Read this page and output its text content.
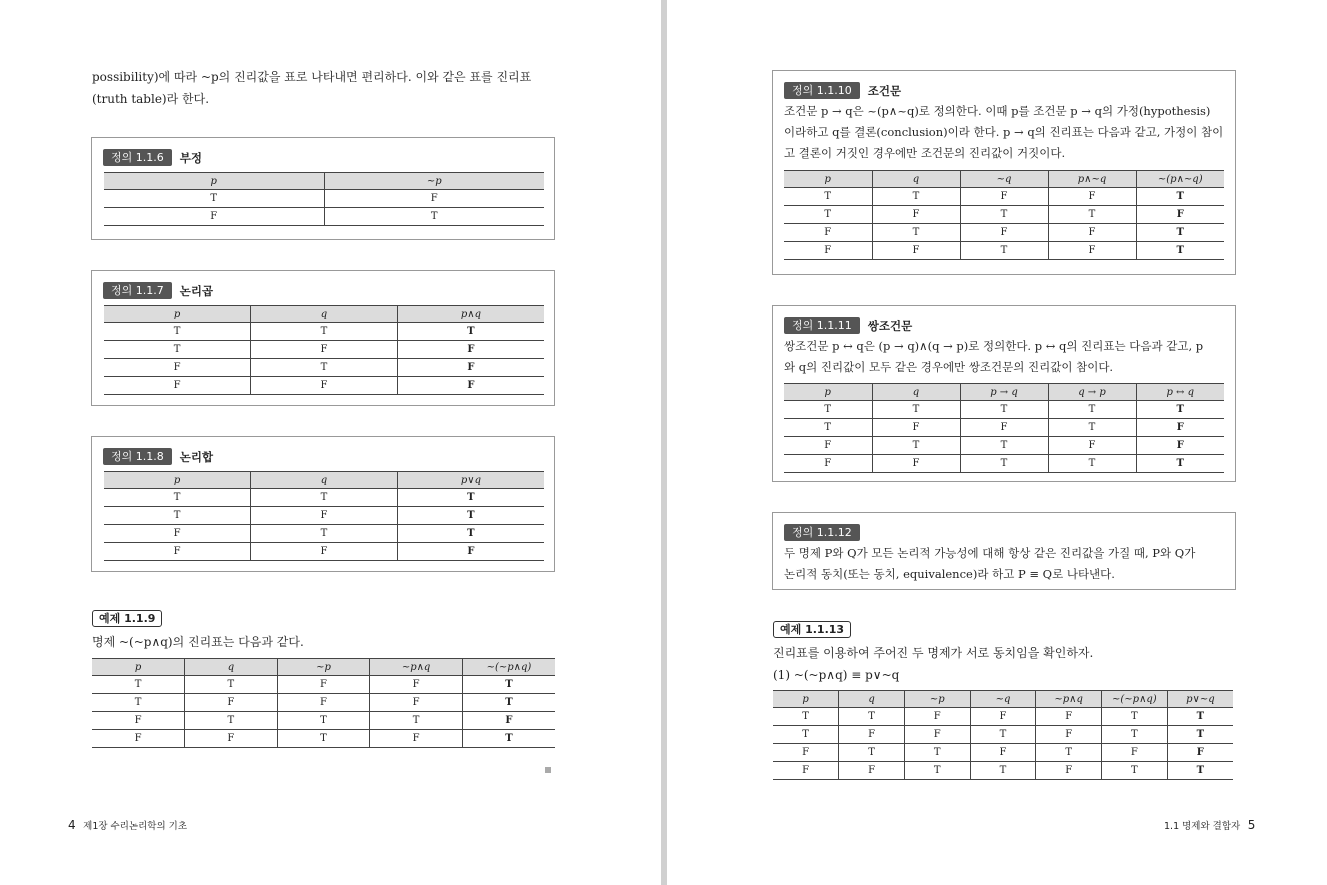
possibility)에 따라 ~p의 진리값을 표로 나타내면 편리하다. 이와 같은 표를 진리표

(truth table)라 한다.

정의 1.1.6 부정
p	~p
T	F
F	T
정의 1.1.7 논리곱
p	q	p∧q
T	T	T
T	F	F
F	T	F
F	F	F
정의 1.1.8 논리합
p	q	p∨q
T	T	T
T	F	T
F	T	T
F	F	F
예제 1.1.9

명제 ~(~p∧q)의 진리표는 다음과 같다.

p	q	~p	~p∧q	~(~p∧q)
T	T	F	F	T
T	F	F	F	T
F	T	T	T	F
F	F	T	F	T
4 제1장 수리논리학의 기초
정의 1.1.10 조건문
조건문 p → q은 ~(p∧~q)로 정의한다. 이때 p를 조건문 p → q의 가정(hypothesis)
이라하고 q를 결론(conclusion)이라 한다. p → q의 진리표는 다음과 같고, 가정이 참이
고 결론이 거짓인 경우에만 조건문의 진리값이 거짓이다.
p	q	~q	p∧~q	~(p∧~q)
T	T	F	F	T
T	F	T	T	F
F	T	F	F	T
F	F	T	F	T
정의 1.1.11 쌍조건문
쌍조건문 p ↔ q은 (p → q)∧(q → p)로 정의한다. p ↔ q의 진리표는 다음과 같고, p
와 q의 진리값이 모두 같은 경우에만 쌍조건문의 진리값이 참이다.
p	q	p → q	q → p	p ↔ q
T	T	T	T	T
T	F	F	T	F
F	T	T	F	F
F	F	T	T	T
정의 1.1.12
두 명제 P와 Q가 모든 논리적 가능성에 대해 항상 같은 진리값을 가질 때, P와 Q가
논리적 동치(또는 동치, equivalence)라 하고 P ≡ Q로 나타낸다.
예제 1.1.13

진리표를 이용하여 주어진 두 명제가 서로 동치임을 확인하자.

(1) ~(~p∧q) ≡ p∨~q

p	q	~p	~q	~p∧q	~(~p∧q)	p∨~q
T	T	F	F	F	T	T
T	F	F	T	F	T	T
F	T	T	F	T	F	F
F	F	T	T	F	T	T
1.1 명제와 결합자 5
